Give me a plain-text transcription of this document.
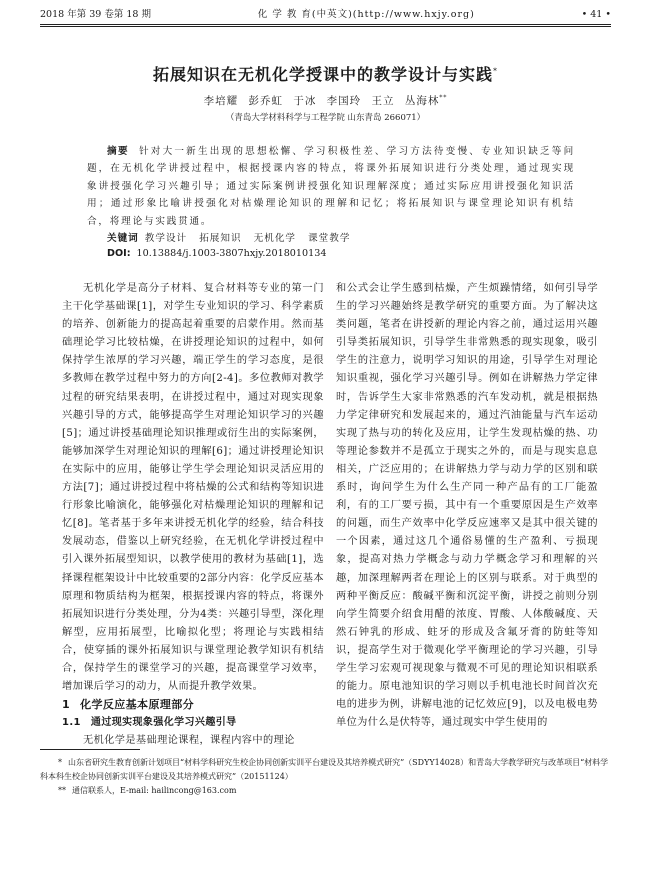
2018 年第 39 卷第 18 期	化 学 教 育(中英文)(http://www.hxjy.org)	• 41 •
拓展知识在无机化学授课中的教学设计与实践*
李培耀 彭乔虹 于冰 李国玲 王立 丛海林**
（青岛大学材料科学与工程学院 山东青岛 266071）
摘要 针对大一新生出现的思想松懈、学习积极性差、学习方法待变慢、专业知识缺乏等问题，在无机化学讲授过程中，根据授课内容的特点，将课外拓展知识进行分类处理，通过现实现象讲授强化学习兴趣引导；通过实际案例讲授强化知识理解深度；通过实际应用讲授强化知识活用；通过形象比喻讲授强化对枯燥理论知识的理解和记忆；将拓展知识与课堂理论知识有机结合，将理论与实践贯通。
关键词 教学设计 拓展知识 无机化学 课堂教学
DOI: 10.13884/j.1003-3807hxjy.2018010134

无机化学是高分子材料、复合材料等专业的第一门主干化学基础课[1]，对学生专业知识的学习、科学素质的培养、创新能力的提高起着重要的启蒙作用。然而基础理论学习比较枯燥，在讲授理论知识的过程中，如何保持学生浓厚的学习兴趣，端正学生的学习态度，是很多教师在教学过程中努力的方向[2-4]。多位教师对教学过程的研究结果表明，在讲授过程中，通过对现实现象兴趣引导的方式，能够提高学生对理论知识学习的兴趣[5]；通过讲授基础理论知识推理或衍生出的实际案例，能够加深学生对理论知识的理解[6]；通过讲授理论知识在实际中的应用，能够让学生学会理论知识灵活应用的方法[7]；通过讲授过程中将枯燥的公式和结构等知识进行形象比喻演化，能够强化对枯燥理论知识的理解和记忆[8]。笔者基于多年来讲授无机化学的经验，结合科技发展动态，借鉴以上研究经验，在无机化学讲授过程中引入课外拓展型知识，以教学使用的教材为基础[1]，选择课程框架设计中比较重要的2部分内容：化学反应基本原理和物质结构为框架，根据授课内容的特点，将课外拓展知识进行分类处理，分为4类：兴趣引导型，深化理解型，应用拓展型，比喻拟化型；将理论与实践相结合，使穿插的课外拓展知识与课堂理论教学知识有机结合，保持学生的课堂学习的兴趣，提高课堂学习效率，增加课后学习的动力，从而提升教学效果。

1 化学反应基本原理部分
1.1 通过现实现象强化学习兴趣引导

无机化学是基础理论课程，课程内容中的理论

和公式会让学生感到枯燥，产生烦躁情绪，如何引导学生的学习兴趣始终是教学研究的重要方面。为了解决这类问题，笔者在讲授新的理论内容之前，通过运用兴趣引导类拓展知识，引导学生非常熟悉的现实现象，吸引学生的注意力，说明学习知识的用途，引导学生对理论知识重视，强化学习兴趣引导。例如在讲解热力学定律时，告诉学生大家非常熟悉的汽车发动机，就是根据热力学定律研究和发展起来的，通过汽油能量与汽车运动实现了热与功的转化及应用，让学生发现枯燥的热、功等理论参数并不是孤立于现实之外的，而是与现实息息相关，广泛应用的；在讲解热力学与动力学的区别和联系时，询问学生为什么生产同一种产品有的工厂能盈利，有的工厂要亏损，其中有一个重要原因是生产效率的问题，而生产效率中化学反应速率又是其中很关键的一个因素，通过这几个通俗易懂的生产盈利、亏损现象，提高对热力学概念与动力学概念学习和理解的兴趣，加深理解两者在理论上的区别与联系。对于典型的两种平衡反应：酸碱平衡和沉淀平衡，讲授之前则分别向学生简要介绍食用醋的浓度、胃酸、人体酸碱度、天然石钟乳的形成、蛀牙的形成及含氟牙膏的防蛀等知识，提高学生对于微观化学平衡理论的学习兴趣，引导学生学习宏观可视现象与微观不可见的理论知识相联系的能力。原电池知识的学习则以手机电池长时间首次充电的进步为例，讲解电池的记忆效应[9]，以及电极电势单位为什么是伏特等，通过现实中学生使用的

* 山东省研究生教育创新计划项目“材料学科研究生校企协同创新实训平台建设及其培养模式研究”（SDYY14028）和青岛大学教学研究与改革项目“材料学科本科生校企协同创新实训平台建设及其培养模式研究”（20151124）

** 通信联系人，E-mail: hailincong@163.com
